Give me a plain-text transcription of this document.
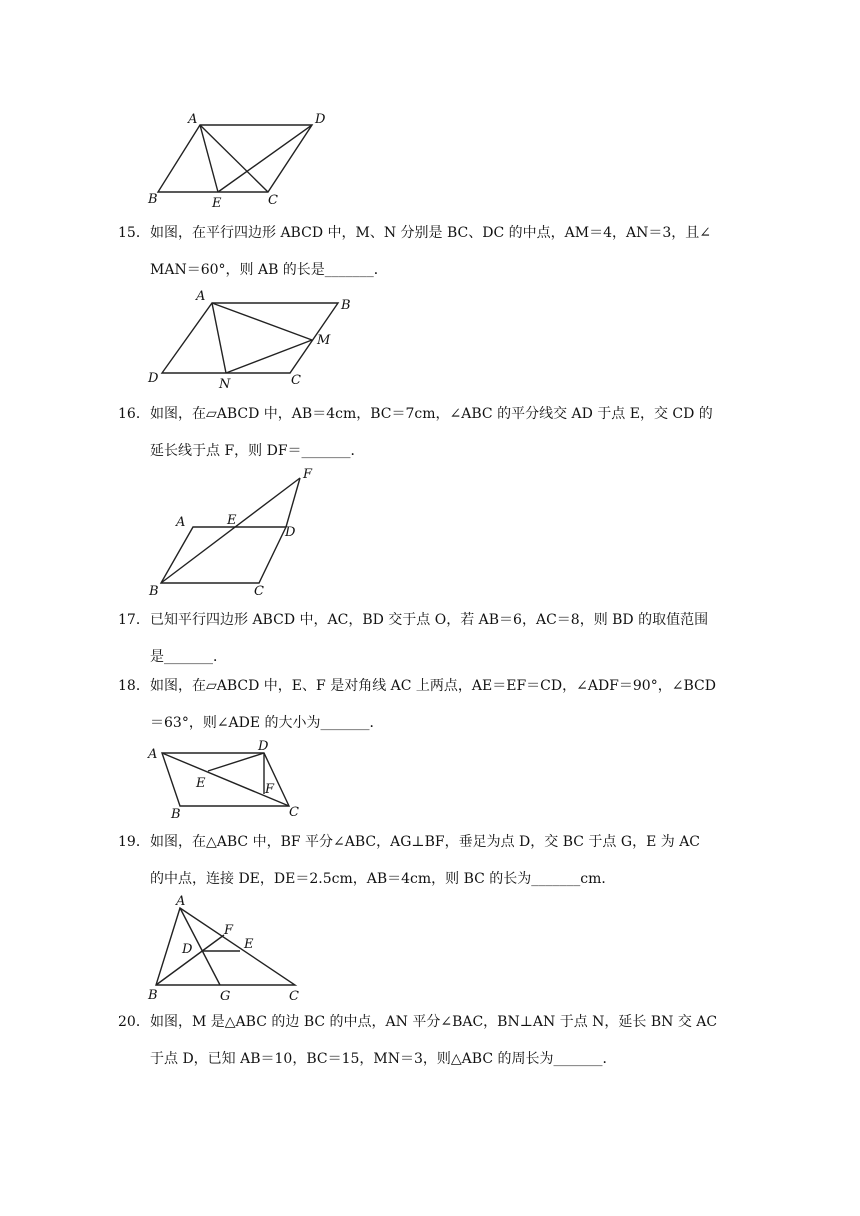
A	D
B	E	C
15． 如图，在平行四边形 ABCD 中，M、N 分别是 BC、DC 的中点，AM＝4，AN＝3，且∠
MAN＝60°，则 AB 的长是_______．
A
B
M
D	N	C
16． 如图，在▱ABCD 中，AB＝4cm，BC＝7cm，∠ABC 的平分线交 AD 于点 E，交 CD 的
延长线于点 F，则 DF＝_______．
F
A	E
D
B	C
17． 已知平行四边形 ABCD 中，AC，BD 交于点 O，若 AB＝6，AC＝8，则 BD 的取值范围
是_______．
18． 如图，在▱ABCD 中，E、F 是对角线 AC 上两点，AE＝EF＝CD，∠ADF＝90°，∠BCD
＝63°，则∠ADE 的大小为_______．
A
D
E	F
B	C
19． 如图，在△ABC 中，BF 平分∠ABC，AG⊥BF，垂足为点 D，交 BC 于点 G，E 为 AC
的中点，连接 DE，DE＝2.5cm，AB＝4cm，则 BC 的长为_______cm．
A
F
D	E
B	G	C
20． 如图，M 是△ABC 的边 BC 的中点，AN 平分∠BAC，BN⊥AN 于点 N，延长 BN 交 AC
于点 D，已知 AB＝10，BC＝15，MN＝3，则△ABC 的周长为_______．
